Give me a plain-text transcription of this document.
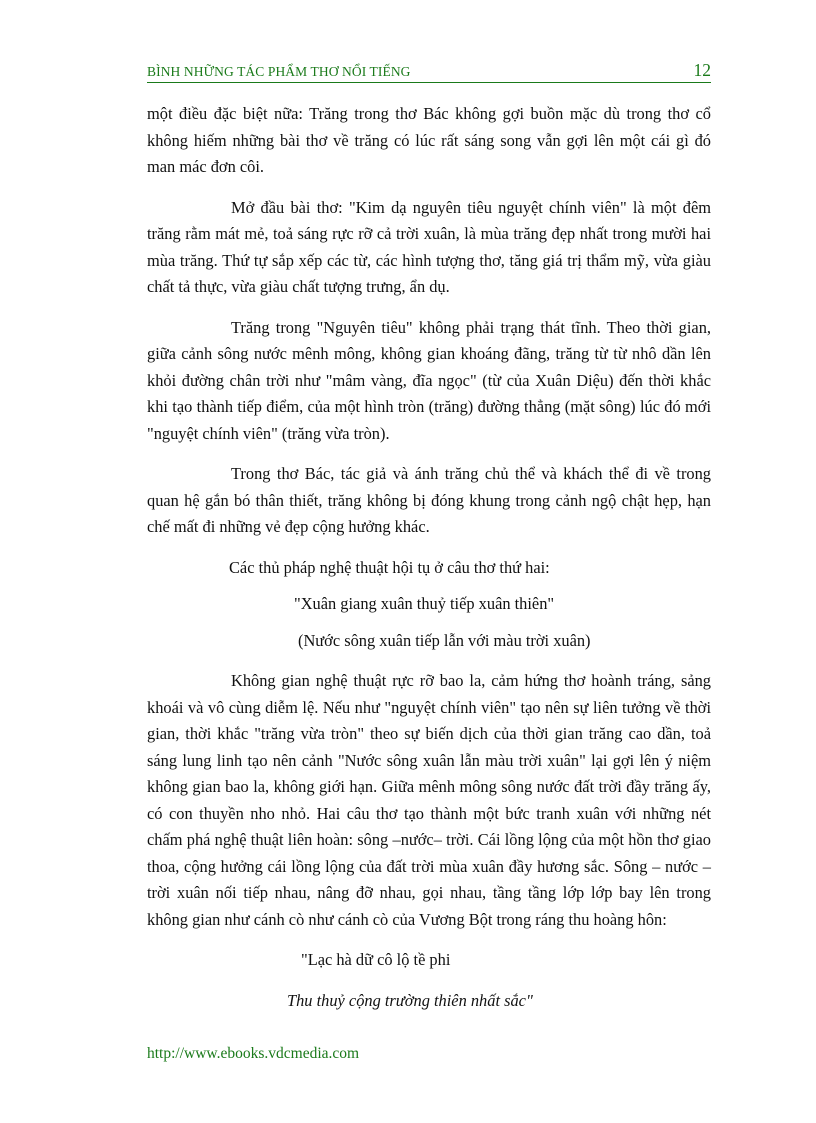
BÌNH NHỮNG TÁC PHẨM THƠ NỔI TIẾNG	12

một điều đặc biệt nữa: Trăng trong thơ Bác không gợi buồn mặc dù trong thơ cổ không hiếm những bài thơ về trăng có lúc rất sáng song vẫn gợi lên một cái gì đó man mác đơn côi.

Mở đầu bài thơ: "Kim dạ nguyên tiêu nguyệt chính viên" là một đêm trăng rằm mát mẻ, toả sáng rực rỡ cả trời xuân, là mùa trăng đẹp nhất trong mười hai mùa trăng. Thứ tự sắp xếp các từ, các hình tượng thơ, tăng giá trị thẩm mỹ, vừa giàu chất tả thực, vừa giàu chất tượng trưng, ẩn dụ.

Trăng trong "Nguyên tiêu" không phải trạng thát tĩnh. Theo thời gian, giữa cảnh sông nước mênh mông, không gian khoáng đãng, trăng từ từ nhô dần lên khỏi đường chân trời như "mâm vàng, đĩa ngọc" (từ của Xuân Diệu) đến thời khắc khi tạo thành tiếp điểm, của một hình tròn (trăng) đường thẳng (mặt sông) lúc đó mới "nguyệt chính viên" (trăng vừa tròn).

Trong thơ Bác, tác giả và ánh trăng chủ thể và khách thể đi về trong quan hệ gắn bó thân thiết, trăng không bị đóng khung trong cảnh ngộ chật hẹp, hạn chế mất đi những vẻ đẹp cộng hưởng khác.

Các thủ pháp nghệ thuật hội tụ ở câu thơ thứ hai:

"Xuân giang xuân thuỷ tiếp xuân thiên"

(Nước sông xuân tiếp lẫn với màu trời xuân)

Không gian nghệ thuật rực rỡ bao la, cảm hứng thơ hoành tráng, sảng khoái và vô cùng diễm lệ. Nếu như "nguyệt chính viên" tạo nên sự liên tưởng về thời gian, thời khắc "trăng vừa tròn" theo sự biến dịch của thời gian trăng cao dần, toả sáng lung linh tạo nên cảnh "Nước sông xuân lẫn màu trời xuân" lại gợi lên ý niệm không gian bao la, không giới hạn. Giữa mênh mông sông nước đất trời đầy trăng ấy, có con thuyền nho nhỏ. Hai câu thơ tạo thành một bức tranh xuân với những nét chấm phá nghệ thuật liên hoàn: sông –nước– trời. Cái lồng lộng của một hồn thơ giao thoa, cộng hưởng cái lồng lộng của đất trời mùa xuân đầy hương sắc. Sông – nước –trời xuân nối tiếp nhau, nâng đỡ nhau, gọi nhau, tầng tầng lớp lớp bay lên trong không gian như cánh cò như cánh cò của Vương Bột trong ráng thu hoàng hôn:

"Lạc hà dữ cô lộ tề phi

Thu thuỷ cộng trường thiên nhất sắc"

http://www.ebooks.vdcmedia.com
